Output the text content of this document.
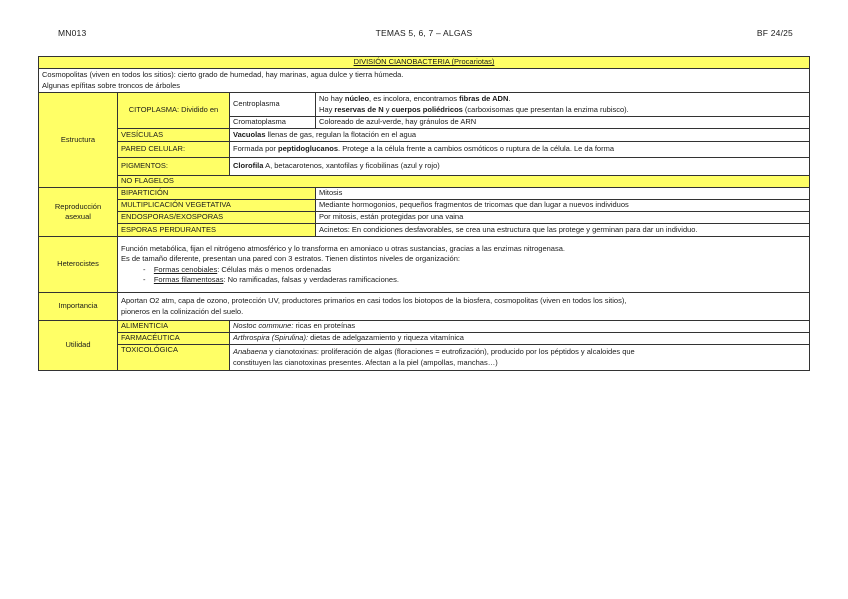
MN013	TEMAS 5, 6, 7 – ALGAS	BF 24/25
DIVISIÓN CIANOBACTERIA (Procariotas)			

Cosmopolitas (viven en todos los sitios): cierto grado de humedad, hay marinas, agua dulce y tierra húmeda.
Algunas epífitas sobre troncos de árboles			

Estructura	CITOPLASMA: Dividido en	Centroplasma	No hay núcleo, es incolora, encontramos fibras de ADN.
Hay reservas de N y cuerpos poliédricos (carboxisomas que presentan la enzima rubisco).

		Cromatoplasma	Coloreado de azul-verde, hay gránulos de ARN
	VESÍCULAS	Vacuolas llenas de gas, regulan la flotación en el agua	
	PARED CELULAR:	Formada por peptidoglucanos. Protege a la célula frente a cambios osmóticos o ruptura de la célula. Le da forma	
	PIGMENTOS:	Clorofila A, betacarotenos, xantofilas y ficobilinas (azul y rojo)	
	NO FLAGELOS		
Reproducción asexual	BIPARTICIÓN		Mitosis
	MULTIPLICACIÓN VEGETATIVA		Mediante hormogonios, pequeños fragmentos de tricomas que dan lugar a nuevos individuos
	ENDOSPORAS/EXOSPORAS		Por mitosis, están protegidas por una vaina
	ESPORAS PERDURANTES		Acinetos: En condiciones desfavorables, se crea una estructura que las protege y germinan para dar un individuo.
Heterocistes	Función metabólica, fijan el nitrógeno atmosférico y lo transforma en amoniaco u otras sustancias, gracias a las enzimas nitrogenasa.
Es de tamaño diferente, presentan una pared con 3 estratos. Tienen distintos niveles de organización:
- Formas cenobiales: Células más o menos ordenadas
- Formas filamentosas: No ramificadas, falsas y verdaderas ramificaciones.		

Importancia	Aportan O2 atm, capa de ozono, protección UV, productores primarios en casi todos los biotopos de la biosfera, cosmopolitas (viven en todos los sitios),
pioneros en la colinización del suelo.		

Utilidad	ALIMENTICIA	Nostoc commune: ricas en proteínas	
	FARMACÉUTICA	Arthrospira (Spirulina): dietas de adelgazamiento y riqueza vitamínica	
	TOXICOLÓGICA	Anabaena y cianotoxinas: proliferación de algas (floraciones = eutrofización), producido por los péptidos y alcaloides que
constituyen las cianotoxinas presentes. Afectan a la piel (ampollas, manchas…)	
